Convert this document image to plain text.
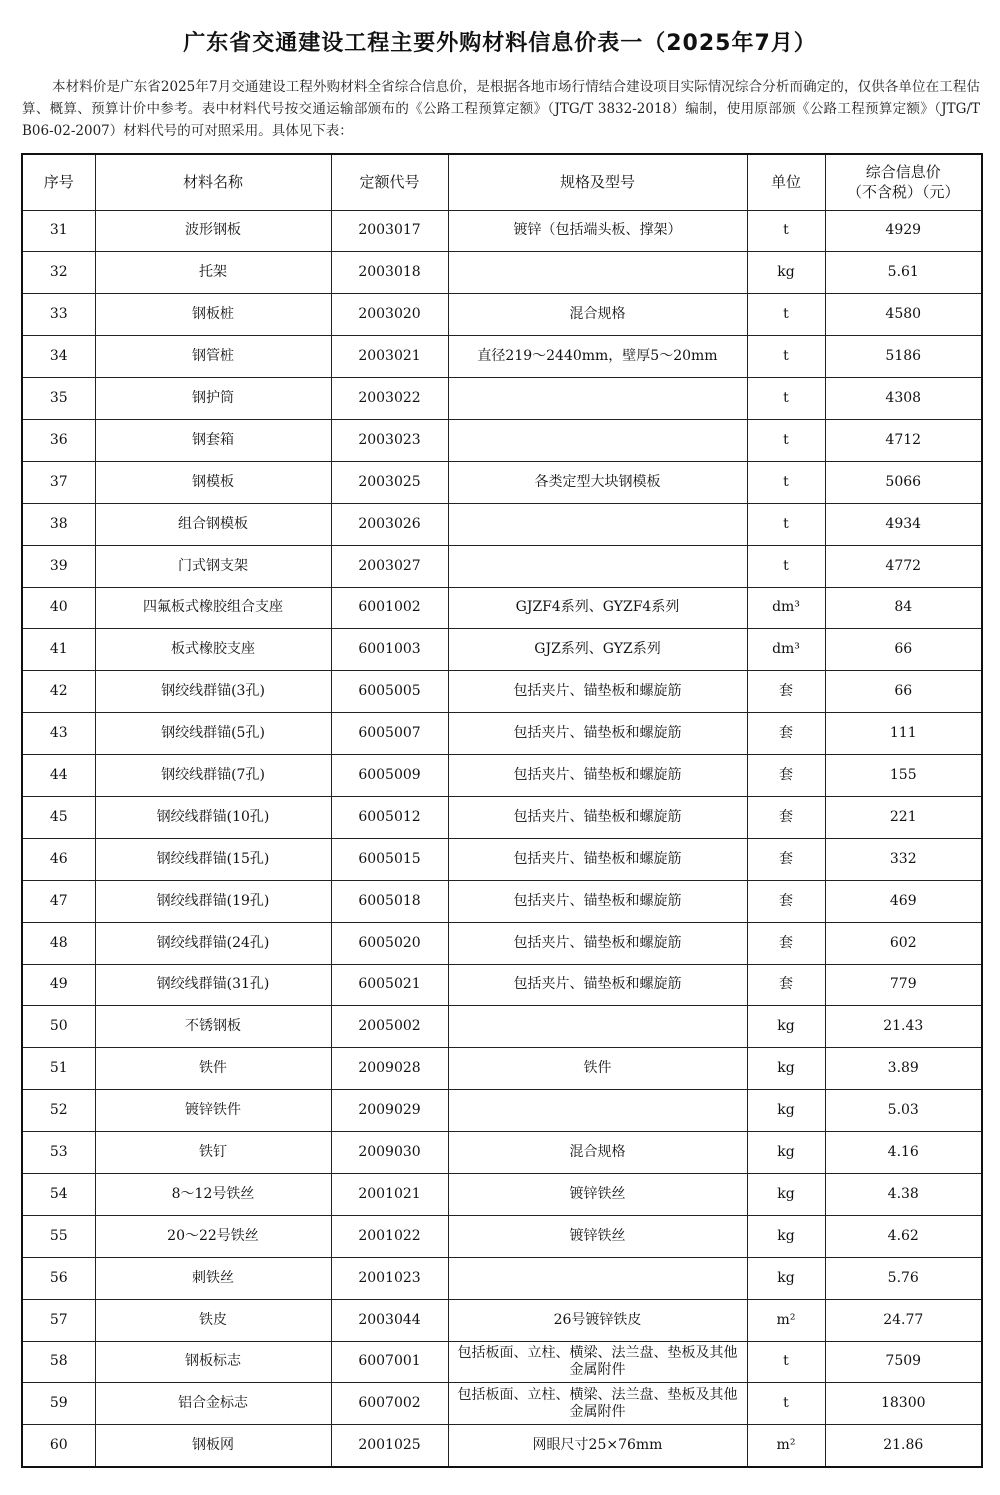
广东省交通建设工程主要外购材料信息价表一（2025年7月）
本材料价是广东省2025年7月交通建设工程外购材料全省综合信息价，是根据各地市场行情结合建设项目实际情况综合分析而确定的，仅供各单位在工程估算、概算、预算计价中参考。表中材料代号按交通运输部颁布的《公路工程预算定额》（JTG/T 3832-2018）编制，使用原部颁《公路工程预算定额》（JTG/T B06-02-2007）材料代号的可对照采用。具体见下表：
序号	材料名称	定额代号	规格及型号	单位	综合信息价
（不含税）（元）

31	波形钢板	2003017	镀锌（包括端头板、撑架）	t	4929
32	托架	2003018		kg	5.61
33	钢板桩	2003020	混合规格	t	4580
34	钢管桩	2003021	直径219～2440mm，壁厚5～20mm	t	5186
35	钢护筒	2003022		t	4308
36	钢套箱	2003023		t	4712
37	钢模板	2003025	各类定型大块钢模板	t	5066
38	组合钢模板	2003026		t	4934
39	门式钢支架	2003027		t	4772
40	四氟板式橡胶组合支座	6001002	GJZF4系列、GYZF4系列	dm³	84
41	板式橡胶支座	6001003	GJZ系列、GYZ系列	dm³	66
42	钢绞线群锚(3孔)	6005005	包括夹片、锚垫板和螺旋筋	套	66
43	钢绞线群锚(5孔)	6005007	包括夹片、锚垫板和螺旋筋	套	111
44	钢绞线群锚(7孔)	6005009	包括夹片、锚垫板和螺旋筋	套	155
45	钢绞线群锚(10孔)	6005012	包括夹片、锚垫板和螺旋筋	套	221
46	钢绞线群锚(15孔)	6005015	包括夹片、锚垫板和螺旋筋	套	332
47	钢绞线群锚(19孔)	6005018	包括夹片、锚垫板和螺旋筋	套	469
48	钢绞线群锚(24孔)	6005020	包括夹片、锚垫板和螺旋筋	套	602
49	钢绞线群锚(31孔)	6005021	包括夹片、锚垫板和螺旋筋	套	779
50	不锈钢板	2005002		kg	21.43
51	铁件	2009028	铁件	kg	3.89
52	镀锌铁件	2009029		kg	5.03
53	铁钉	2009030	混合规格	kg	4.16
54	8～12号铁丝	2001021	镀锌铁丝	kg	4.38
55	20～22号铁丝	2001022	镀锌铁丝	kg	4.62
56	刺铁丝	2001023		kg	5.76
57	铁皮	2003044	26号镀锌铁皮	m²	24.77
58	钢板标志	6007001	包括板面、立柱、横梁、法兰盘、垫板及其他金属附件	t	7509
59	铝合金标志	6007002	包括板面、立柱、横梁、法兰盘、垫板及其他金属附件	t	18300
60	钢板网	2001025	网眼尺寸25×76mm	m²	21.86
